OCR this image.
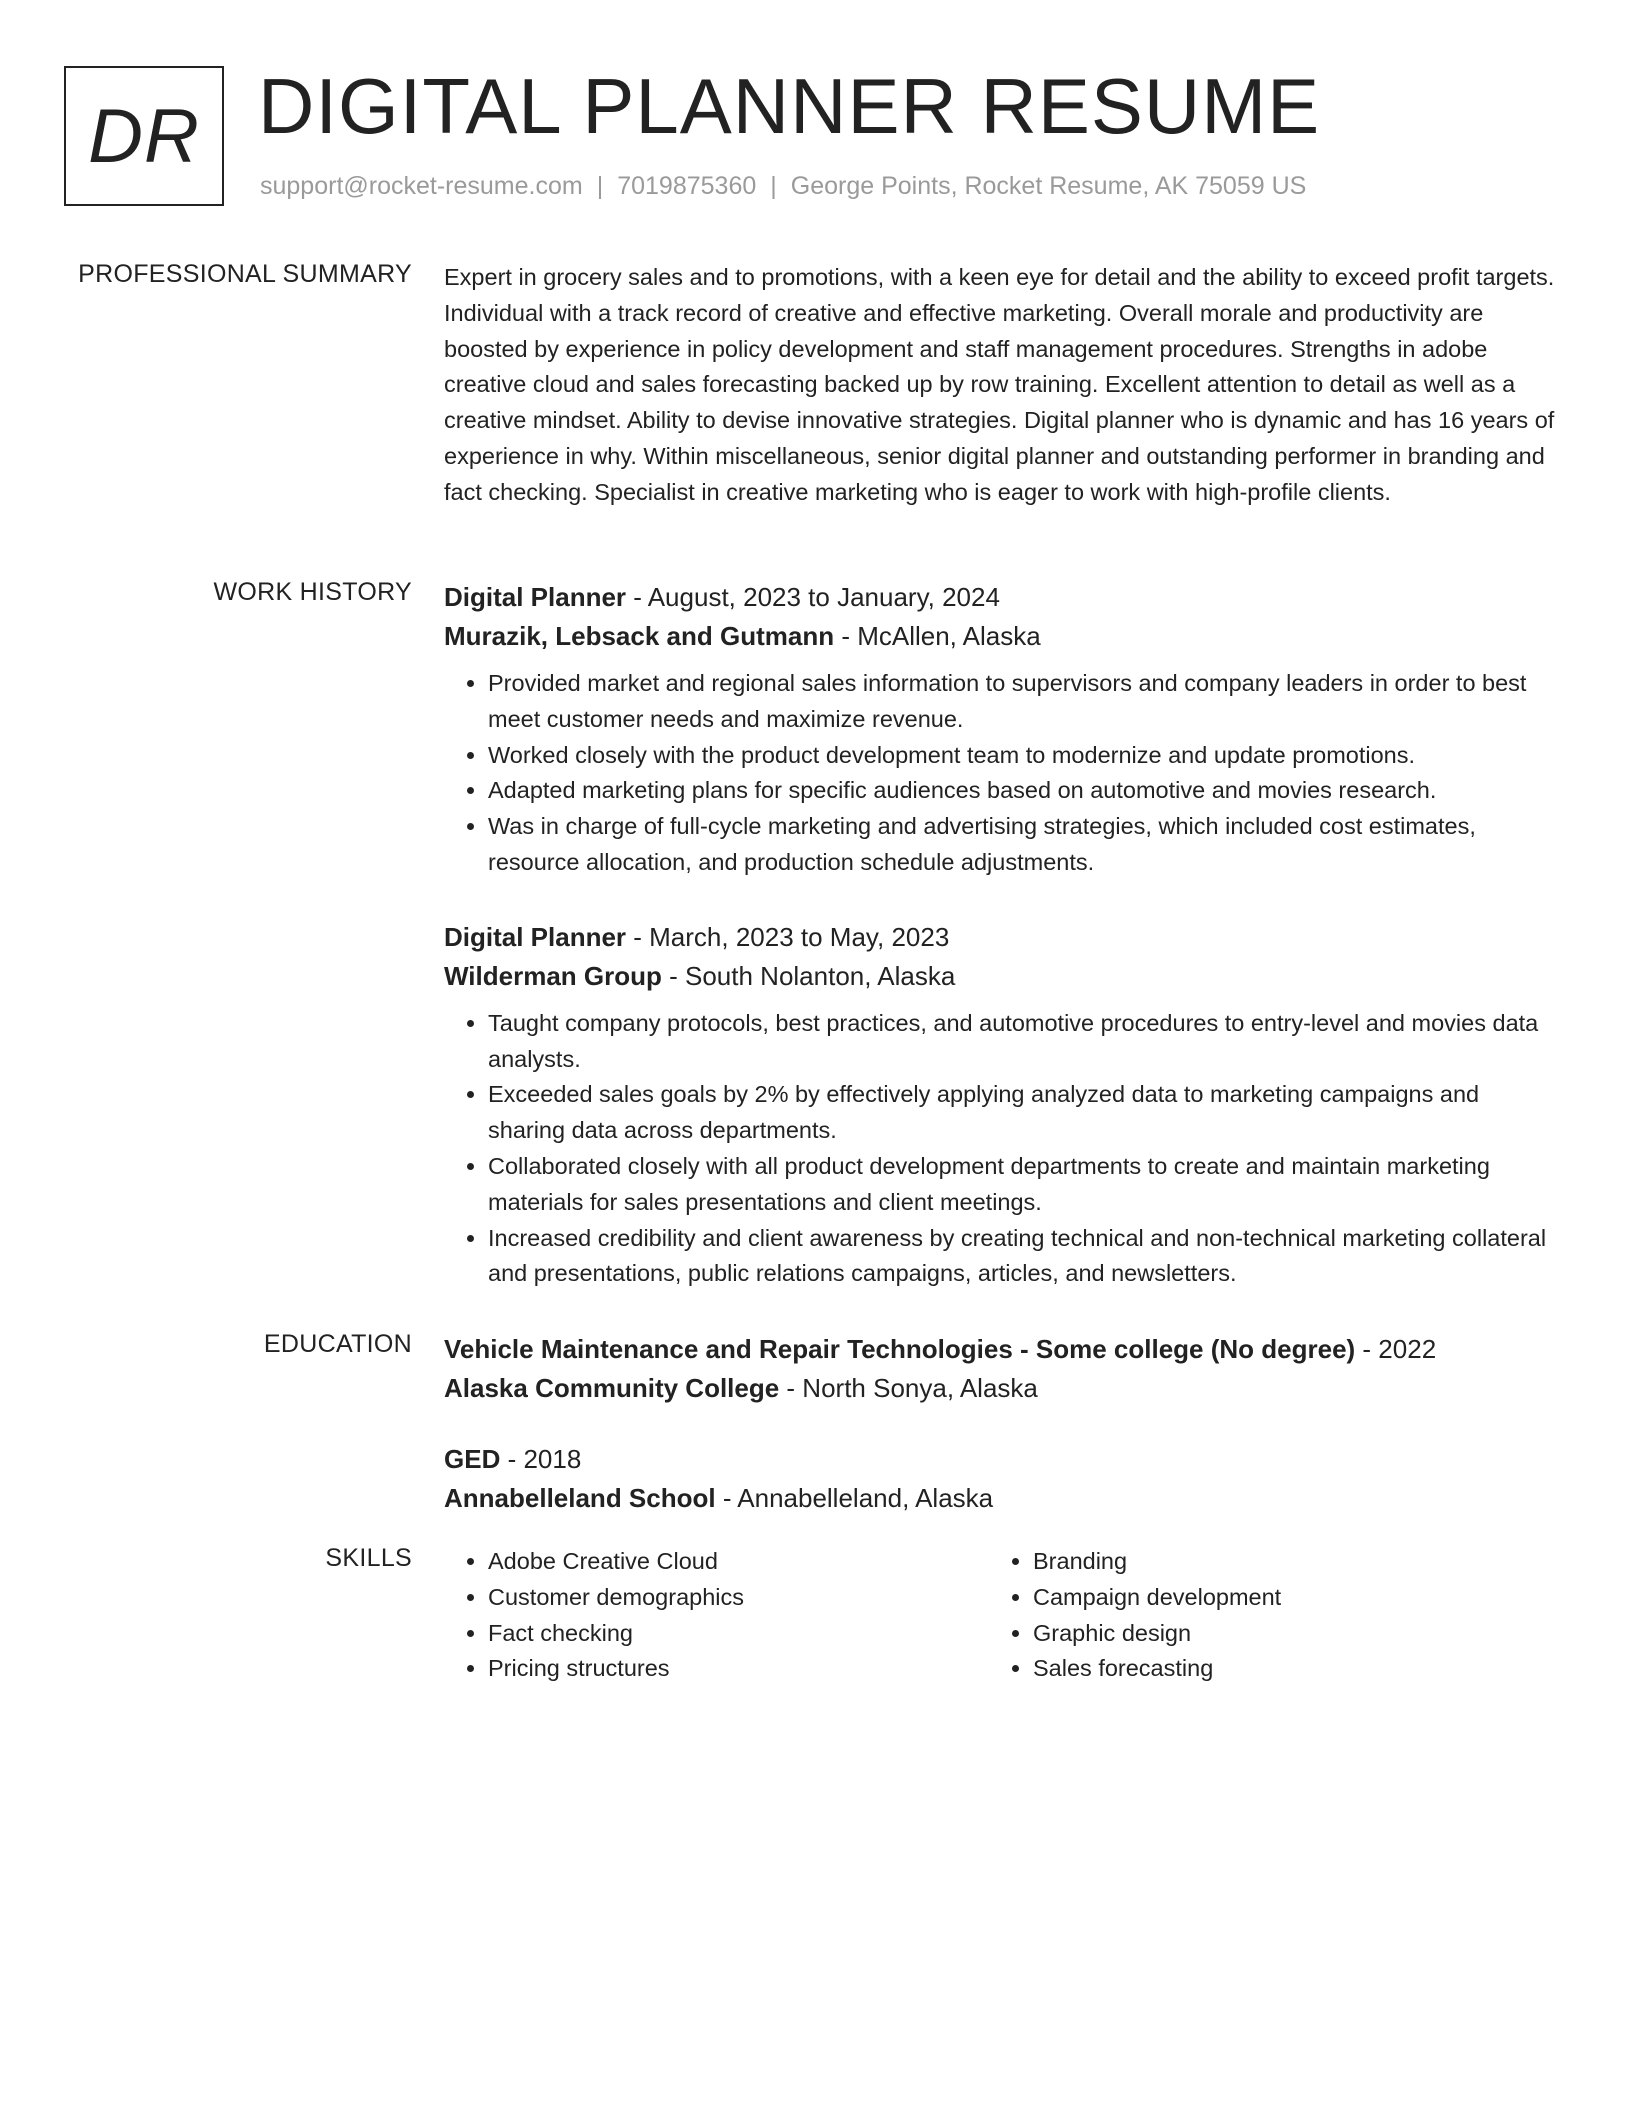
DR DIGITAL PLANNER RESUME
support@rocket-resume.com | 7019875360 | George Points, Rocket Resume, AK 75059 US
PROFESSIONAL SUMMARY Expert in grocery sales and to promotions, with a keen eye for detail and the ability to exceed profit targets. Individual with a track record of creative and effective marketing. Overall morale and productivity are boosted by experience in policy development and staff management procedures. Strengths in adobe creative cloud and sales forecasting backed up by row training. Excellent attention to detail as well as a creative mindset. Ability to devise innovative strategies. Digital planner who is dynamic and has 16 years of experience in why. Within miscellaneous, senior digital planner and outstanding performer in branding and fact checking. Specialist in creative marketing who is eager to work with high-profile clients.

WORK HISTORY Digital Planner - August, 2023 to January, 2024
Murazik, Lebsack and Gutmann - McAllen, Alaska
• Provided market and regional sales information to supervisors and company leaders in order to best meet customer needs and maximize revenue.
• Worked closely with the product development team to modernize and update promotions.
• Adapted marketing plans for specific audiences based on automotive and movies research.
• Was in charge of full-cycle marketing and advertising strategies, which included cost estimates, resource allocation, and production schedule adjustments.
Digital Planner - March, 2023 to May, 2023
Wilderman Group - South Nolanton, Alaska
• Taught company protocols, best practices, and automotive procedures to entry-level and movies data analysts.
• Exceeded sales goals by 2% by effectively applying analyzed data to marketing campaigns and sharing data across departments.
• Collaborated closely with all product development departments to create and maintain marketing materials for sales presentations and client meetings.
• Increased credibility and client awareness by creating technical and non-technical marketing collateral and presentations, public relations campaigns, articles, and newsletters.
EDUCATION Vehicle Maintenance and Repair Technologies - Some college (No degree) - 2022
Alaska Community College - North Sonya, Alaska
GED - 2018
Annabelleland School - Annabelleland, Alaska
SKILLS
•	Adobe Creative Cloud
• Customer demographics
• Fact checking
• Pricing structures
• Branding
• Campaign development
• Graphic design
• Sales forecasting
